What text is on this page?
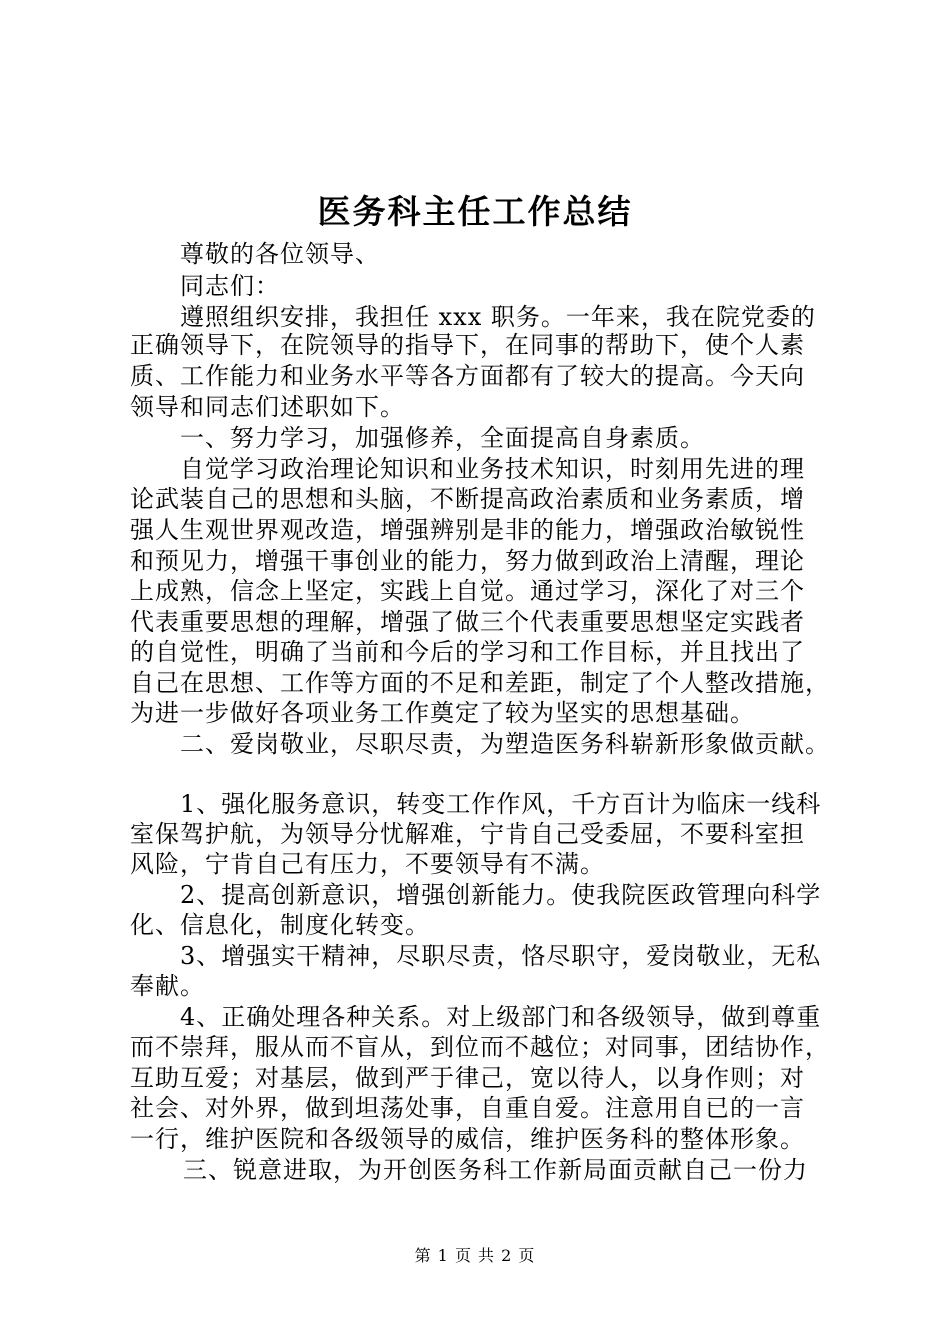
医务科主任工作总结
尊敬的各位领导、
同志们：
遵照组织安排，我担任 xxx 职务。一年来，我在院党委的
正确领导下，在院领导的指导下，在同事的帮助下，使个人素
质、工作能力和业务水平等各方面都有了较大的提高。今天向
领导和同志们述职如下。
一、努力学习，加强修养，全面提高自身素质。
自觉学习政治理论知识和业务技术知识，时刻用先进的理
论武装自己的思想和头脑，不断提高政治素质和业务素质，增
强人生观世界观改造，增强辨别是非的能力，增强政治敏锐性
和预见力，增强干事创业的能力，努力做到政治上清醒，理论
上成熟，信念上坚定，实践上自觉。通过学习，深化了对三个
代表重要思想的理解，增强了做三个代表重要思想坚定实践者
的自觉性，明确了当前和今后的学习和工作目标，并且找出了
自己在思想、工作等方面的不足和差距，制定了个人整改措施，
为进一步做好各项业务工作奠定了较为坚实的思想基础。
二、爱岗敬业，尽职尽责，为塑造医务科崭新形象做贡献。
1、强化服务意识，转变工作作风，千方百计为临床一线科
室保驾护航，为领导分忧解难，宁肯自己受委屈，不要科室担
风险，宁肯自己有压力，不要领导有不满。
2、提高创新意识，增强创新能力。使我院医政管理向科学
化、信息化，制度化转变。
3、增强实干精神，尽职尽责，恪尽职守，爱岗敬业，无私
奉献。
4、正确处理各种关系。对上级部门和各级领导，做到尊重
而不崇拜，服从而不盲从，到位而不越位；对同事，团结协作，
互助互爱；对基层，做到严于律己，宽以待人，以身作则；对
社会、对外界，做到坦荡处事，自重自爱。注意用自已的一言
一行，维护医院和各级领导的威信，维护医务科的整体形象。
三、锐意进取，为开创医务科工作新局面贡献自己一份力
第 1 页 共 2 页
